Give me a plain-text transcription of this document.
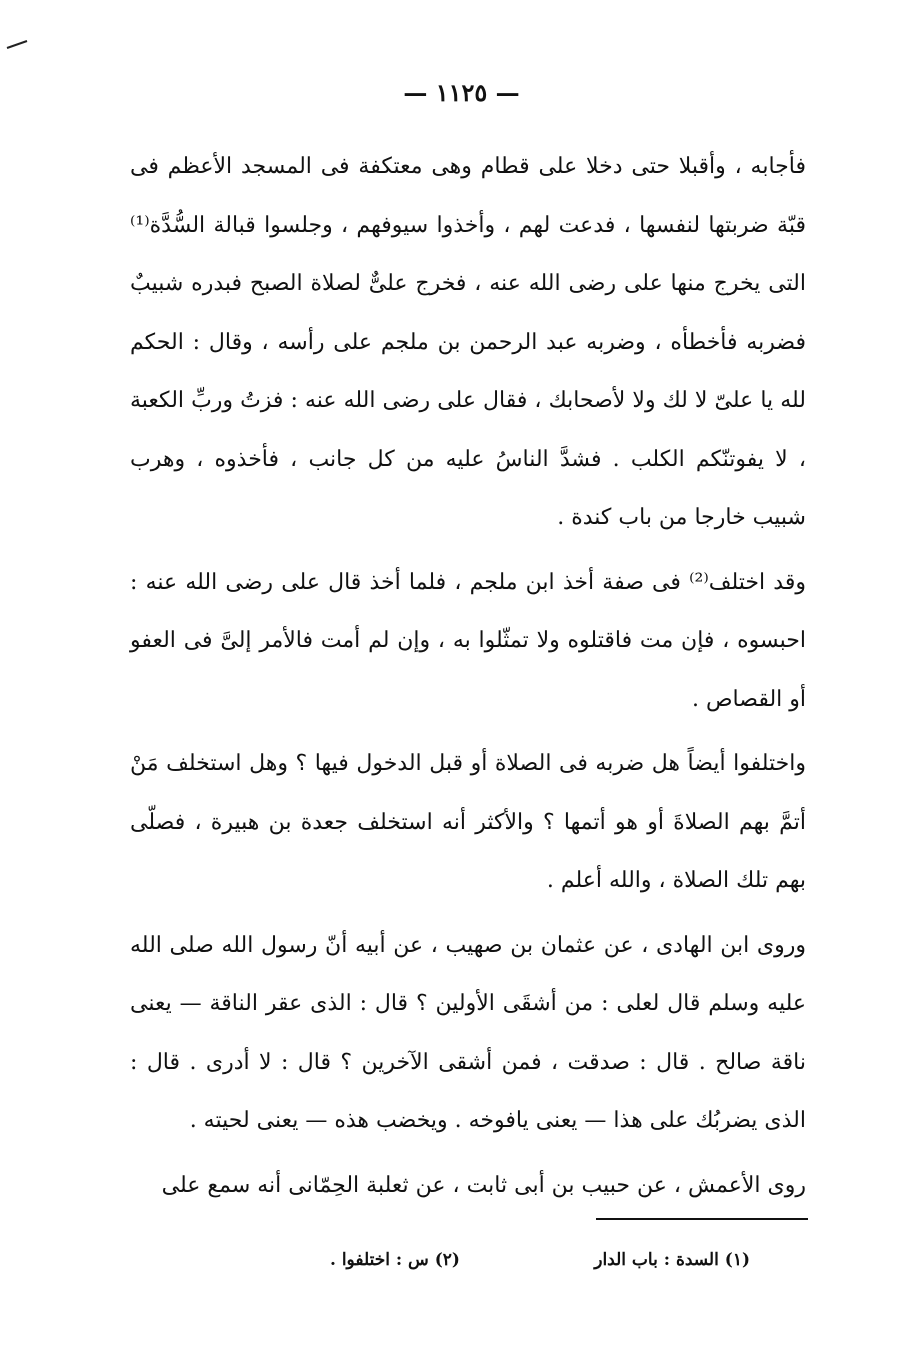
— ١١٢٥ —

فأجابه ، وأقبلا حتى دخلا على قطام وهى معتكفة فى المسجد الأعظم فى قبّة ضربتها لنفسها ، فدعت لهم ، وأخذوا سيوفهم ، وجلسوا قبالة السُّدَّة⁽¹⁾ التى يخرج منها على رضى الله عنه ، فخرج علىٌّ لصلاة الصبح فبدره شبيبٌ فضربه فأخطأه ، وضربه عبد الرحمن بن ملجم على رأسه ، وقال : الحكم لله يا علىّ لا لك ولا لأصحابك ، فقال على رضى الله عنه : فزتُ وربِّ الكعبة ، لا يفوتنّكم الكلب . فشدَّ الناسُ عليه من كل جانب ، فأخذوه ، وهرب شبيب خارجا من باب كندة .

وقد اختلف⁽²⁾ فى صفة أخذ ابن ملجم ، فلما أخذ قال على رضى الله عنه : احبسوه ، فإن مت فاقتلوه ولا تمثّلوا به ، وإن لم أمت فالأمر إلىَّ فى العفو أو القصاص .

واختلفوا أيضاً هل ضربه فى الصلاة أو قبل الدخول فيها ؟ وهل استخلف مَنْ أتمَّ بهم الصلاةَ أو هو أتمها ؟ والأكثر أنه استخلف جعدة بن هبيرة ، فصلّى بهم تلك الصلاة ، والله أعلم .

وروى ابن الهادى ، عن عثمان بن صهيب ، عن أبيه أنّ رسول الله صلى الله عليه وسلم قال لعلى : من أشقَى الأولين ؟ قال : الذى عقر الناقة — يعنى ناقة صالح . قال : صدقت ، فمن أشقى الآخرين ؟ قال : لا أدرى . قال : الذى يضربُك على هذا — يعنى يافوخه . ويخضب هذه — يعنى لحيته .

روى الأعمش ، عن حبيب بن أبى ثابت ، عن ثعلبة الحِمّانى أنه سمع على

(١) السدة : باب الدار
(٢) س : اختلفوا .
